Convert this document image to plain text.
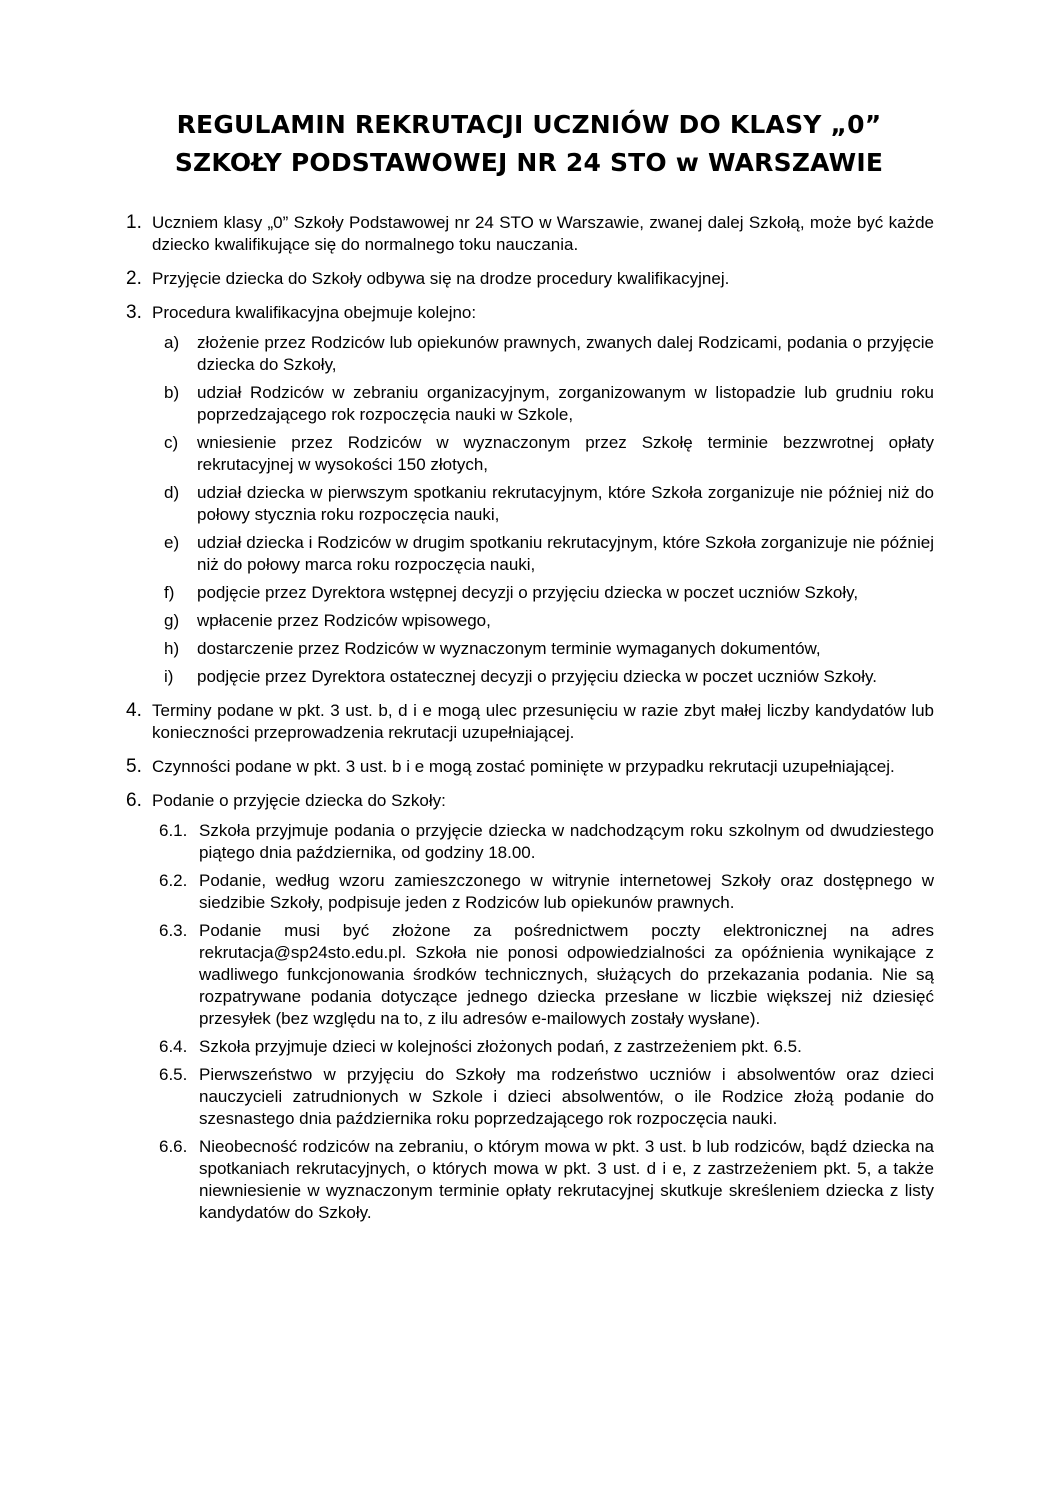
REGULAMIN REKRUTACJI UCZNIÓW DO KLASY „0”
SZKOŁY PODSTAWOWEJ NR 24 STO w WARSZAWIE
1. Uczniem klasy „0” Szkoły Podstawowej nr 24 STO w Warszawie, zwanej dalej Szkołą, może być każde dziecko kwalifikujące się do normalnego toku nauczania.
2. Przyjęcie dziecka do Szkoły odbywa się na drodze procedury kwalifikacyjnej.
3. Procedura kwalifikacyjna obejmuje kolejno:
a) złożenie przez Rodziców lub opiekunów prawnych, zwanych dalej Rodzicami, podania o przyjęcie dziecka do Szkoły,
b) udział Rodziców w zebraniu organizacyjnym, zorganizowanym w listopadzie lub grudniu roku poprzedzającego rok rozpoczęcia nauki w Szkole,
c) wniesienie przez Rodziców w wyznaczonym przez Szkołę terminie bezzwrotnej opłaty rekrutacyjnej w wysokości 150 złotych,
d) udział dziecka w pierwszym spotkaniu rekrutacyjnym, które Szkoła zorganizuje nie później niż do połowy stycznia roku rozpoczęcia nauki,
e) udział dziecka i Rodziców w drugim spotkaniu rekrutacyjnym, które Szkoła zorganizuje nie później niż do połowy marca roku rozpoczęcia nauki,
f) podjęcie przez Dyrektora wstępnej decyzji o przyjęciu dziecka w poczet uczniów Szkoły,
g) wpłacenie przez Rodziców wpisowego,
h) dostarczenie przez Rodziców w wyznaczonym terminie wymaganych dokumentów,
i) podjęcie przez Dyrektora ostatecznej decyzji o przyjęciu dziecka w poczet uczniów Szkoły.
4. Terminy podane w pkt. 3 ust. b, d i e mogą ulec przesunięciu w razie zbyt małej liczby kandydatów lub konieczności przeprowadzenia rekrutacji uzupełniającej.
5. Czynności podane w pkt. 3 ust. b i e mogą zostać pominięte w przypadku rekrutacji uzupełniającej.
6. Podanie o przyjęcie dziecka do Szkoły:
6.1. Szkoła przyjmuje podania o przyjęcie dziecka w nadchodzącym roku szkolnym od dwudziestego piątego dnia października, od godziny 18.00.
6.2. Podanie, według wzoru zamieszczonego w witrynie internetowej Szkoły oraz dostępnego w siedzibie Szkoły, podpisuje jeden z Rodziców lub opiekunów prawnych.
6.3. Podanie musi być złożone za pośrednictwem poczty elektronicznej na adres rekrutacja@sp24sto.edu.pl. Szkoła nie ponosi odpowiedzialności za opóźnienia wynikające z wadliwego funkcjonowania środków technicznych, służących do przekazania podania. Nie są rozpatrywane podania dotyczące jednego dziecka przesłane w liczbie większej niż dziesięć przesyłek (bez względu na to, z ilu adresów e-mailowych zostały wysłane).
6.4. Szkoła przyjmuje dzieci w kolejności złożonych podań, z zastrzeżeniem pkt. 6.5.
6.5. Pierwszeństwo w przyjęciu do Szkoły ma rodzeństwo uczniów i absolwentów oraz dzieci nauczycieli zatrudnionych w Szkole i dzieci absolwentów, o ile Rodzice złożą podanie do szesnastego dnia października roku poprzedzającego rok rozpoczęcia nauki.
6.6. Nieobecność rodziców na zebraniu, o którym mowa w pkt. 3 ust. b lub rodziców, bądź dziecka na spotkaniach rekrutacyjnych, o których mowa w pkt. 3 ust. d i e, z zastrzeżeniem pkt. 5, a także niewniesienie w wyznaczonym terminie opłaty rekrutacyjnej skutkuje skreśleniem dziecka z listy kandydatów do Szkoły.
